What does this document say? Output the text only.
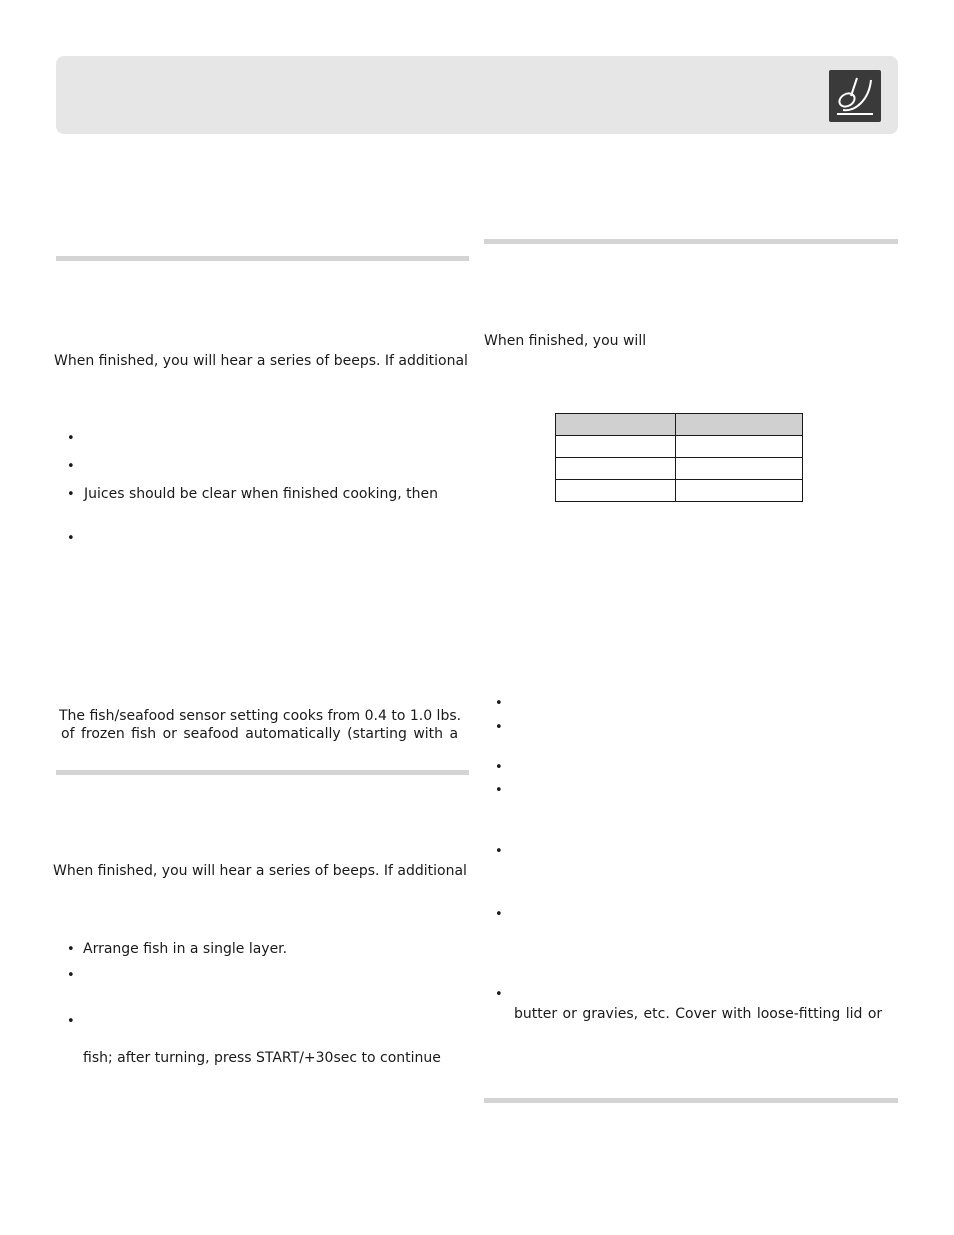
When finished, you will hear a series of beeps. If additional
•
•
• Juices should be clear when finished cooking, then
•
The fish/seafood sensor setting cooks from 0.4 to 1.0 lbs.
of frozen fish or seafood automatically (starting with a
When finished, you will hear a series of beeps. If additional
• Arrange fish in a single layer.
•
•
fish; after turning, press START/+30sec to continue
When finished, you will

•
•
•
•
•
•
•
butter or gravies, etc. Cover with loose-fitting lid or
